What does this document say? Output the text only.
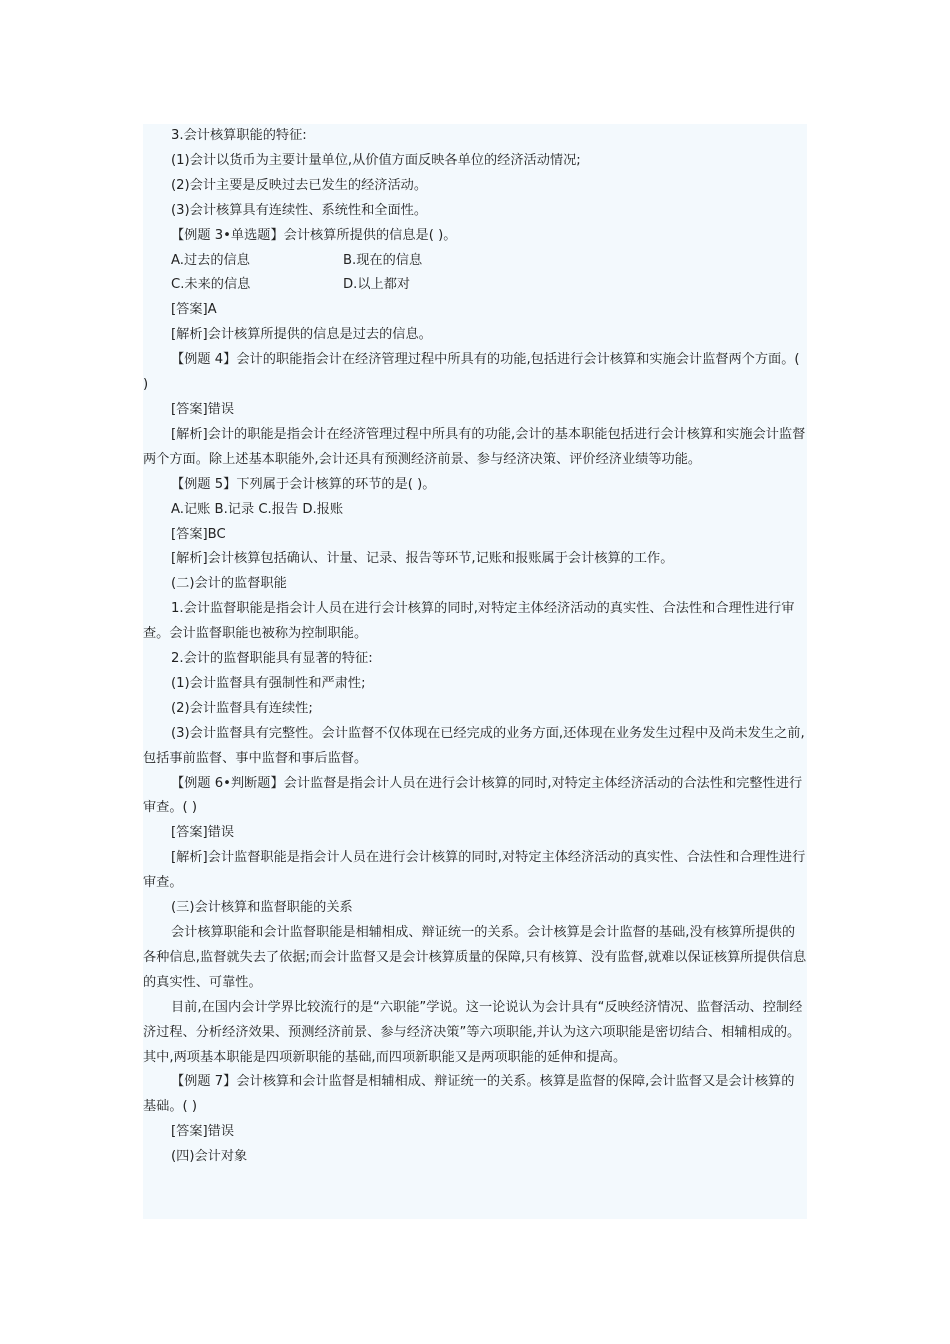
3.会计核算职能的特征:

(1)会计以货币为主要计量单位,从价值方面反映各单位的经济活动情况;

(2)会计主要是反映过去已发生的经济活动。

(3)会计核算具有连续性、系统性和全面性。

【例题 3•单选题】会计核算所提供的信息是( )。

A.过去的信息	B.现在的信息
C.未来的信息	D.以上都对

[答案]A

[解析]会计核算所提供的信息是过去的信息。

【例题 4】会计的职能指会计在经济管理过程中所具有的功能,包括进行会计核算和实施会计监督两个方面。( )

[答案]错误

[解析]会计的职能是指会计在经济管理过程中所具有的功能,会计的基本职能包括进行会计核算和实施会计监督两个方面。除上述基本职能外,会计还具有预测经济前景、参与经济决策、评价经济业绩等功能。

【例题 5】下列属于会计核算的环节的是( )。

A.记账 B.记录 C.报告 D.报账

[答案]BC

[解析]会计核算包括确认、计量、记录、报告等环节,记账和报账属于会计核算的工作。

(二)会计的监督职能

1.会计监督职能是指会计人员在进行会计核算的同时,对特定主体经济活动的真实性、合法性和合理性进行审查。会计监督职能也被称为控制职能。

2.会计的监督职能具有显著的特征:

(1)会计监督具有强制性和严肃性;

(2)会计监督具有连续性;

(3)会计监督具有完整性。会计监督不仅体现在已经完成的业务方面,还体现在业务发生过程中及尚未发生之前,包括事前监督、事中监督和事后监督。

【例题 6•判断题】会计监督是指会计人员在进行会计核算的同时,对特定主体经济活动的合法性和完整性进行审查。( )

[答案]错误

[解析]会计监督职能是指会计人员在进行会计核算的同时,对特定主体经济活动的真实性、合法性和合理性进行审查。

(三)会计核算和监督职能的关系

会计核算职能和会计监督职能是相辅相成、辩证统一的关系。会计核算是会计监督的基础,没有核算所提供的各种信息,监督就失去了依据;而会计监督又是会计核算质量的保障,只有核算、没有监督,就难以保证核算所提供信息的真实性、可靠性。

目前,在国内会计学界比较流行的是“六职能”学说。这一论说认为会计具有“反映经济情况、监督活动、控制经济过程、分析经济效果、预测经济前景、参与经济决策”等六项职能,并认为这六项职能是密切结合、相辅相成的。其中,两项基本职能是四项新职能的基础,而四项新职能又是两项职能的延伸和提高。

【例题 7】会计核算和会计监督是相辅相成、辩证统一的关系。核算是监督的保障,会计监督又是会计核算的基础。( )

[答案]错误

(四)会计对象
